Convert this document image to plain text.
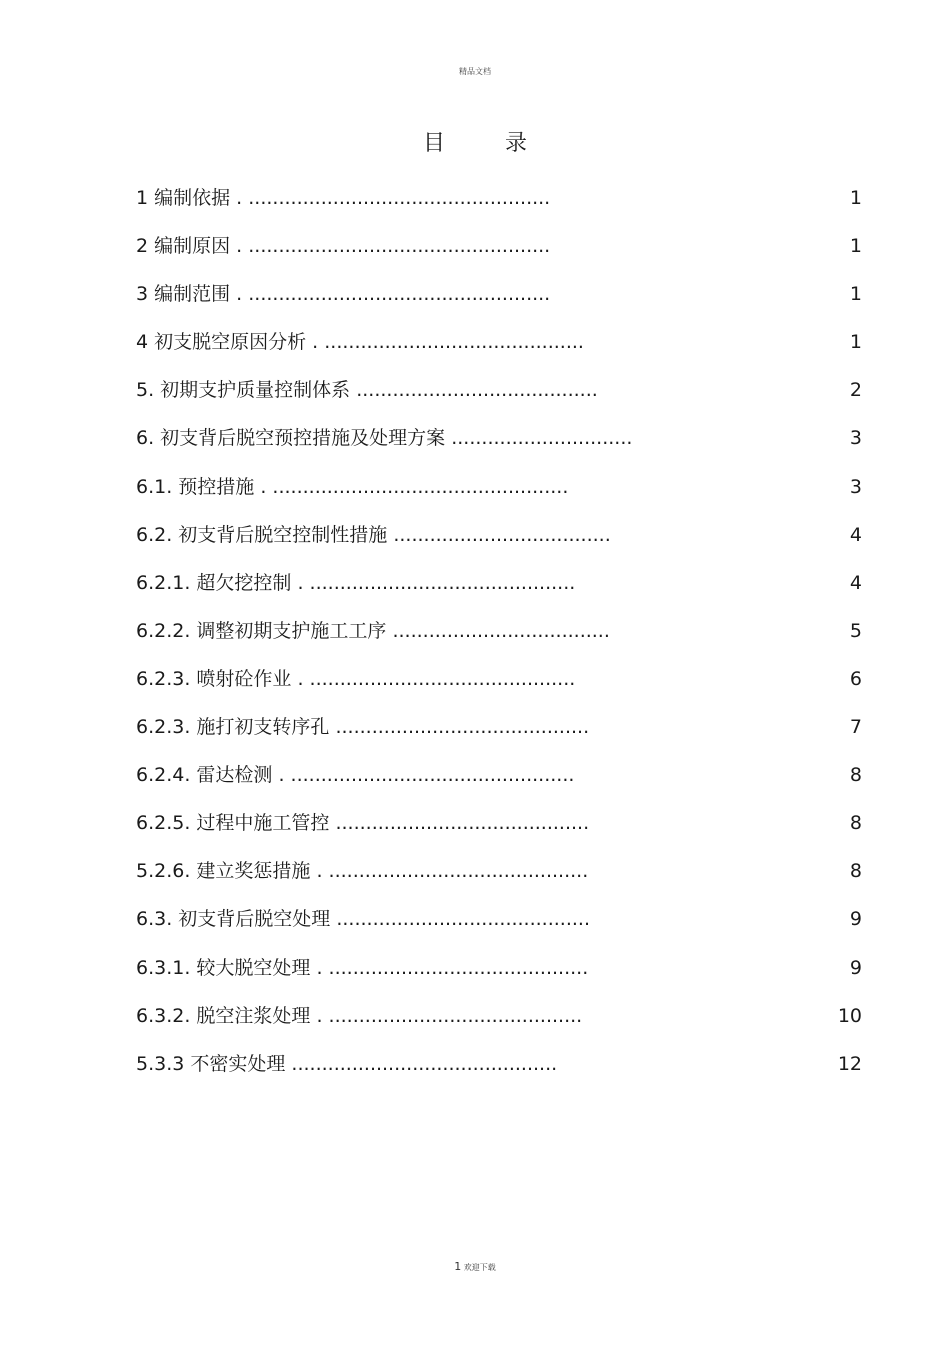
精品文档
目	录
1 编制依据 . ..................................................	1
2 编制原因 . ..................................................	1
3 编制范围 . ..................................................	1
4 初支脱空原因分析 . ...........................................	1
5. 初期支护质量控制体系 ........................................	2
6. 初支背后脱空预控措施及处理方案 ..............................	3
6.1. 预控措施 . .................................................	3
6.2. 初支背后脱空控制性措施 ....................................	4
6.2.1. 超欠挖控制 . ............................................	4
6.2.2. 调整初期支护施工工序 ....................................	5
6.2.3. 喷射砼作业 . ............................................	6
6.2.3. 施打初支转序孔 ..........................................	7
6.2.4. 雷达检测 . ...............................................	8
6.2.5. 过程中施工管控 ..........................................	8
5.2.6. 建立奖惩措施 . ...........................................	8
6.3. 初支背后脱空处理 ..........................................	9
6.3.1. 较大脱空处理 . ...........................................	9
6.3.2. 脱空注浆处理 . ..........................................	10
5.3.3 不密实处理 ............................................	12
1 欢迎下载
